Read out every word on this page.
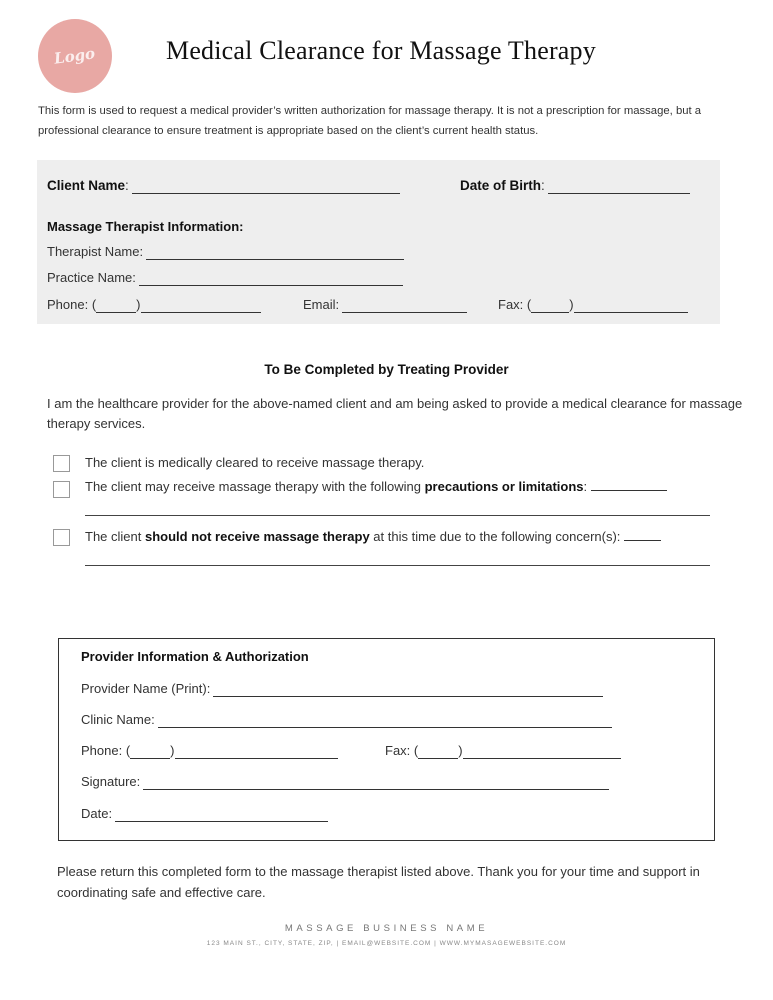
Logo	Medical Clearance for Massage Therapy
This form is used to request a medical provider’s written authorization for massage therapy. It is not a prescription for massage, but a professional clearance to ensure treatment is appropriate based on the client’s current health status.
Client Name :	Date of Birth :
Massage Therapist Information:
Therapist Name:
Practice Name:
Phone: (	)	Email:	Fax: (	)
To Be Completed by Treating Provider
I am the healthcare provider for the above-named client and am being asked to provide a medical clearance for massage therapy services.
The client is medically cleared to receive massage therapy.
The client may receive massage therapy with the following precautions or limitations:
The client should not receive massage therapy at this time due to the following concern(s):
Provider Information & Authorization
Provider Name (Print):
Clinic Name:
Phone: (	)	Fax: (	)
Signature:
Date:
Please return this completed form to the massage therapist listed above. Thank you for your time and support in coordinating safe and effective care.
MASSAGE BUSINESS NAME
123 MAIN ST., CITY, STATE, ZIP, | EMAIL@WEBSITE.COM | WWW.MYMASAGEWEBSITE.COM
